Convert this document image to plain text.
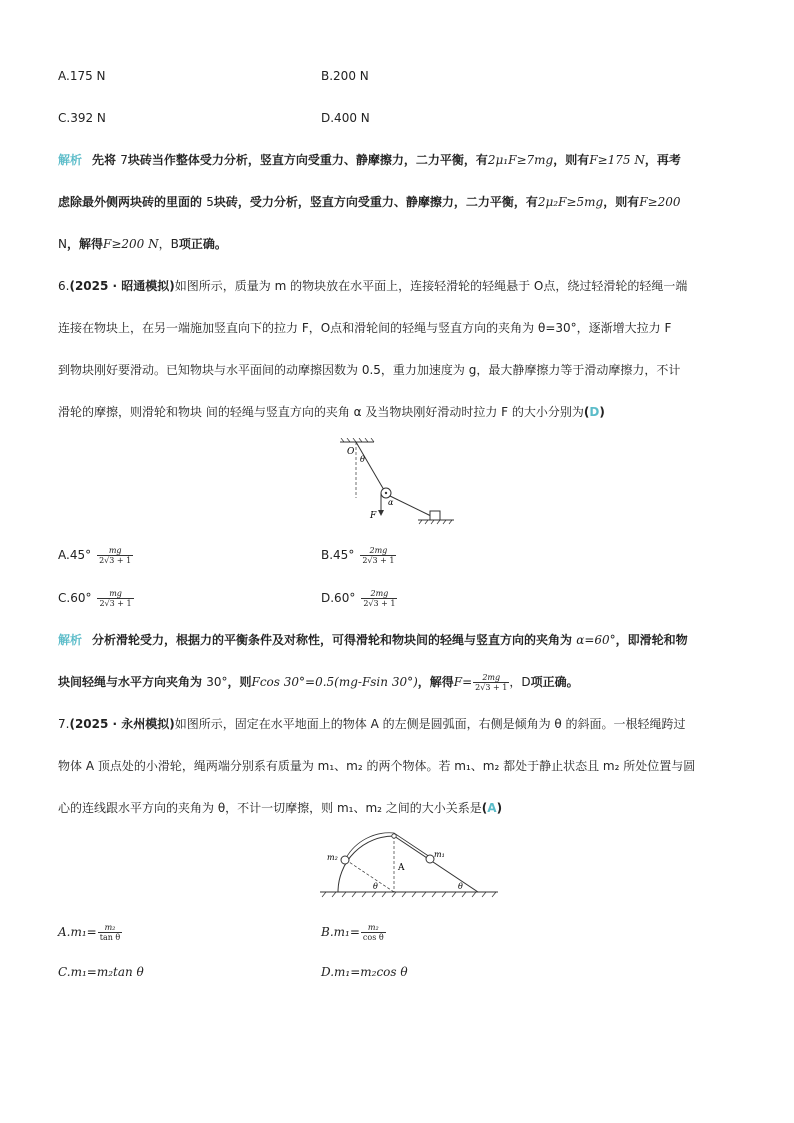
A.175 N	B.200 N
C.392 N	D.400 N
解析 先将 7块砖当作整体受力分析，竖直方向受重力、静摩擦力，二力平衡，有2μ₁F≥7mg，则有F≥175 N，再考
虑除最外侧两块砖的里面的 5块砖，受力分析，竖直方向受重力、静摩擦力，二力平衡，有2μ₂F≥5mg，则有F≥200
N，解得F≥200 N，B项正确。
6.(2025 · 昭通模拟)如图所示，质量为 m 的物块放在水平面上，连接轻滑轮的轻绳悬于 O点，绕过轻滑轮的轻绳一端
连接在物块上，在另一端施加竖直向下的拉力 F，O点和滑轮间的轻绳与竖直方向的夹角为 θ=30°，逐渐增大拉力 F
到物块刚好要滑动。已知物块与水平面间的动摩擦因数为 0.5，重力加速度为 g，最大静摩擦力等于滑动摩擦力，不计
滑轮的摩擦，则滑轮和物块 间的轻绳与竖直方向的夹角 α 及当物块刚好滑动时拉力 F 的大小分别为(D)
O
θ
α
F
$A.45^\circ \frac{mg}{2√3 + 1}$	$B.45^\circ \frac{2mg}{2√3 + 1}$
$C.60^\circ \frac{mg}{2√3 + 1}$	$D.60^\circ \frac{2mg}{2√3 + 1}$
解析 分析滑轮受力，根据力的平衡条件及对称性，可得滑轮和物块间的轻绳与竖直方向的夹角为 α=60°，即滑轮和物
块间轻绳与水平方向夹角为 30°，则Fcos 30°=0.5(mg-Fsin 30°)，解得$F= \frac{2mg}{2√3 + 1}$ ，D项正确。
7.(2025 · 永州模拟)如图所示，固定在水平地面上的物体 A 的左侧是圆弧面，右侧是倾角为 θ 的斜面。一根轻绳跨过
物体 A 顶点处的小滑轮，绳两端分别系有质量为 m₁、m₂ 的两个物体。若 m₁、m₂ 都处于静止状态且 m₂ 所处位置与圆
心的连线跟水平方向的夹角为 θ，不计一切摩擦，则 m₁、m₂ 之间的大小关系是(A)
m₂	m₁
A
θ	θ
$A.m_1= \frac{\text{m₂}}{\text{tan θ}}$	$B.m_1= \frac{\text{m₂}}{\text{cos θ}}$
C.m₁=m₂tan θ	D.m₁=m₂cos θ
